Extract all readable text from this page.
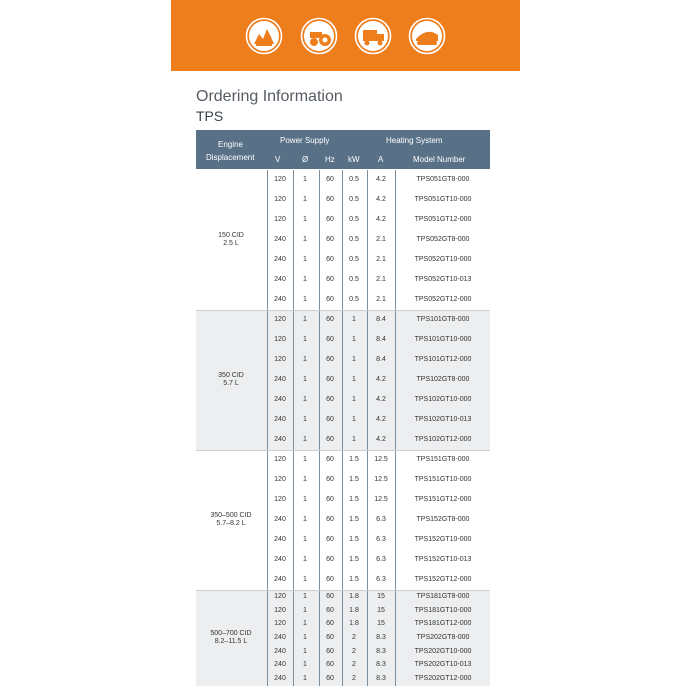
Ordering Information
TPS
Engine
Displacement
Power Supply	Heating System
V	Ø Hz kW A	Model Number
150 CID
2.5 L
120	1	60	0.5	4.2	TPS051GT8-000
120	1	60	0.5	4.2	TPS051GT10-000
120	1	60	0.5	4.2	TPS051GT12-000
240	1	60	0.5	2.1	TPS052GT8-000
240	1	60	0.5	2.1	TPS052GT10-000
240	1	60	0.5	2.1	TPS052GT10-013
240	1	60	0.5	2.1	TPS052GT12-000
350 CID
5.7 L
120	1	60	1	8.4	TPS101GT8-000
120	1	60	1	8.4	TPS101GT10-000
120	1	60	1	8.4	TPS101GT12-000
240	1	60	1	4.2	TPS102GT8-000
240	1	60	1	4.2	TPS102GT10-000
240	1	60	1	4.2	TPS102GT10-013
240	1	60	1	4.2	TPS102GT12-000
350–500 CID
5.7–8.2 L
120	1	60	1.5	12.5	TPS151GT8-000
120	1	60	1.5	12.5	TPS151GT10-000
120	1	60	1.5	12.5	TPS151GT12-000
240	1	60	1.5	6.3	TPS152GT8-000
240	1	60	1.5	6.3	TPS152GT10-000
240	1	60	1.5	6.3	TPS152GT10-013
240	1	60	1.5	6.3	TPS152GT12-000
500–700 CID
8.2–11.5 L
120	1	60	1.8	15	TPS181GT8-000
120	1	60	1.8	15	TPS181GT10-000
120	1	60	1.8	15	TPS181GT12-000
240	1	60	2	8.3	TPS202GT8-000
240	1	60	2	8.3	TPS202GT10-000
240	1	60	2	8.3	TPS202GT10-013
240	1	60	2	8.3	TPS202GT12-000
